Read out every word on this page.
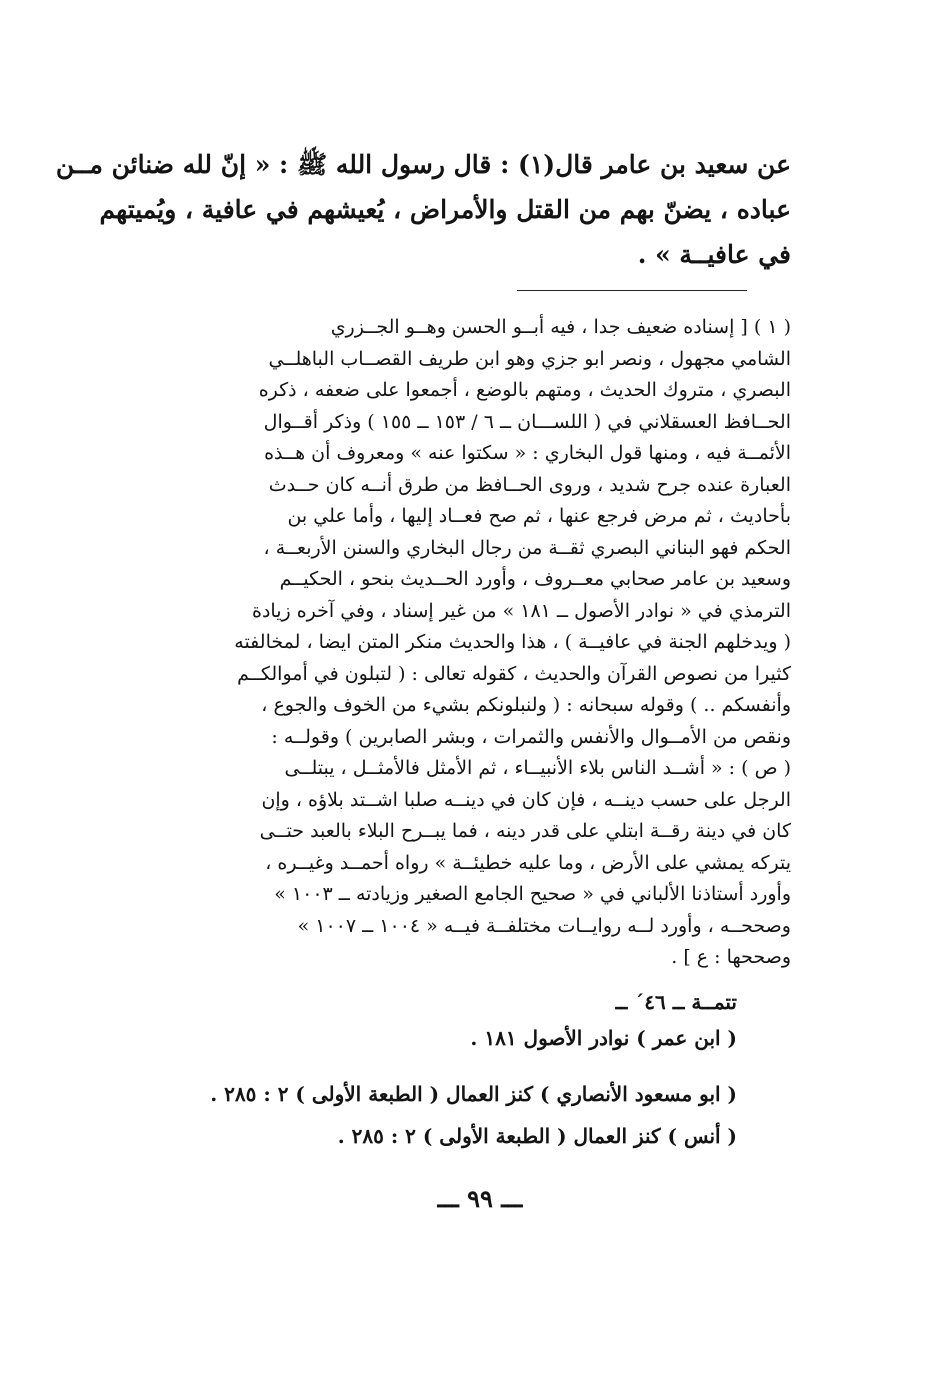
عن سعيد بن عامر قال(١) : قال رسول الله ﷺ : « إنّ لله ضنائن مــن
عباده ، يضنّ بهم من القتل والأمراض ، يُعيشهم في عافية ، ويُميتهم
في عافيــة » .
( ١ ) [ إسناده ضعيف جدا ، فيه أبــو الحسن وهــو الجــزري
الشامي مجهول ، ونصر ابو جزي وهو ابن طريف القصــاب الباهلــي
البصري ، متروك الحديث ، ومتهم بالوضع ، أجمعوا على ضعفه ، ذكره
الحــافظ العسقلاني في ( اللســـان ــ ٦ / ١٥٣ ــ ١٥٥ ) وذكر أقــوال
الأئمــة فيه ، ومنها قول البخاري : « سكتوا عنه » ومعروف أن هــذه
العبارة عنده جرح شديد ، وروى الحــافظ من طرق أنــه كان حــدث
بأحاديث ، ثم مرض فرجع عنها ، ثم صح فعــاد إليها ، وأما علي بن
الحكم فهو البناني البصري ثقــة من رجال البخاري والسنن الأربعــة ،
وسعيد بن عامر صحابي معــروف ، وأورد الحــديث بنحو ، الحكيــم
الترمذي في « نوادر الأصول ــ ١٨١ » من غير إسناد ، وفي آخره زيادة
( ويدخلهم الجنة في عافيــة ) ، هذا والحديث منكر المتن ايضا ، لمخالفته
كثيرا من نصوص القرآن والحديث ، كقوله تعالى : ( لتبلون في أموالكــم
وأنفسكم .. ) وقوله سبحانه : ( ولنبلونكم بشيء من الخوف والجوع ،
ونقص من الأمــوال والأنفس والثمرات ، وبشر الصابرين ) وقولــه :
( ص ) : « أشــد الناس بلاء الأنبيــاء ، ثم الأمثل فالأمثــل ، يبتلــى
الرجل على حسب دينــه ، فإن كان في دينــه صلبا اشــتد بلاؤه ، وإن
كان في دينة رقــة ابتلي على قدر دينه ، فما يبــرح البلاء بالعبد حتــى
يتركه يمشي على الأرض ، وما عليه خطيئــة » رواه أحمــد وغيــره ،
وأورد أستاذنا الألباني في « صحيح الجامع الصغير وزيادته ــ ١٠٠٣ »
وصححــه ، وأورد لــه روايــات مختلفــة فيــه « ١٠٠٤ ــ ١٠٠٧ »
وصححها : ع ] .
تتمــة ــ ٤٦´ ــ
( ابن عمر ) نوادر الأصول ١٨١ .
( ابو مسعود الأنصاري ) كنز العمال ( الطبعة الأولى ) ٢ : ٢٨٥ .
( أنس ) كنز العمال ( الطبعة الأولى ) ٢ : ٢٨٥ .
ـــ ٩٩ ـــ
